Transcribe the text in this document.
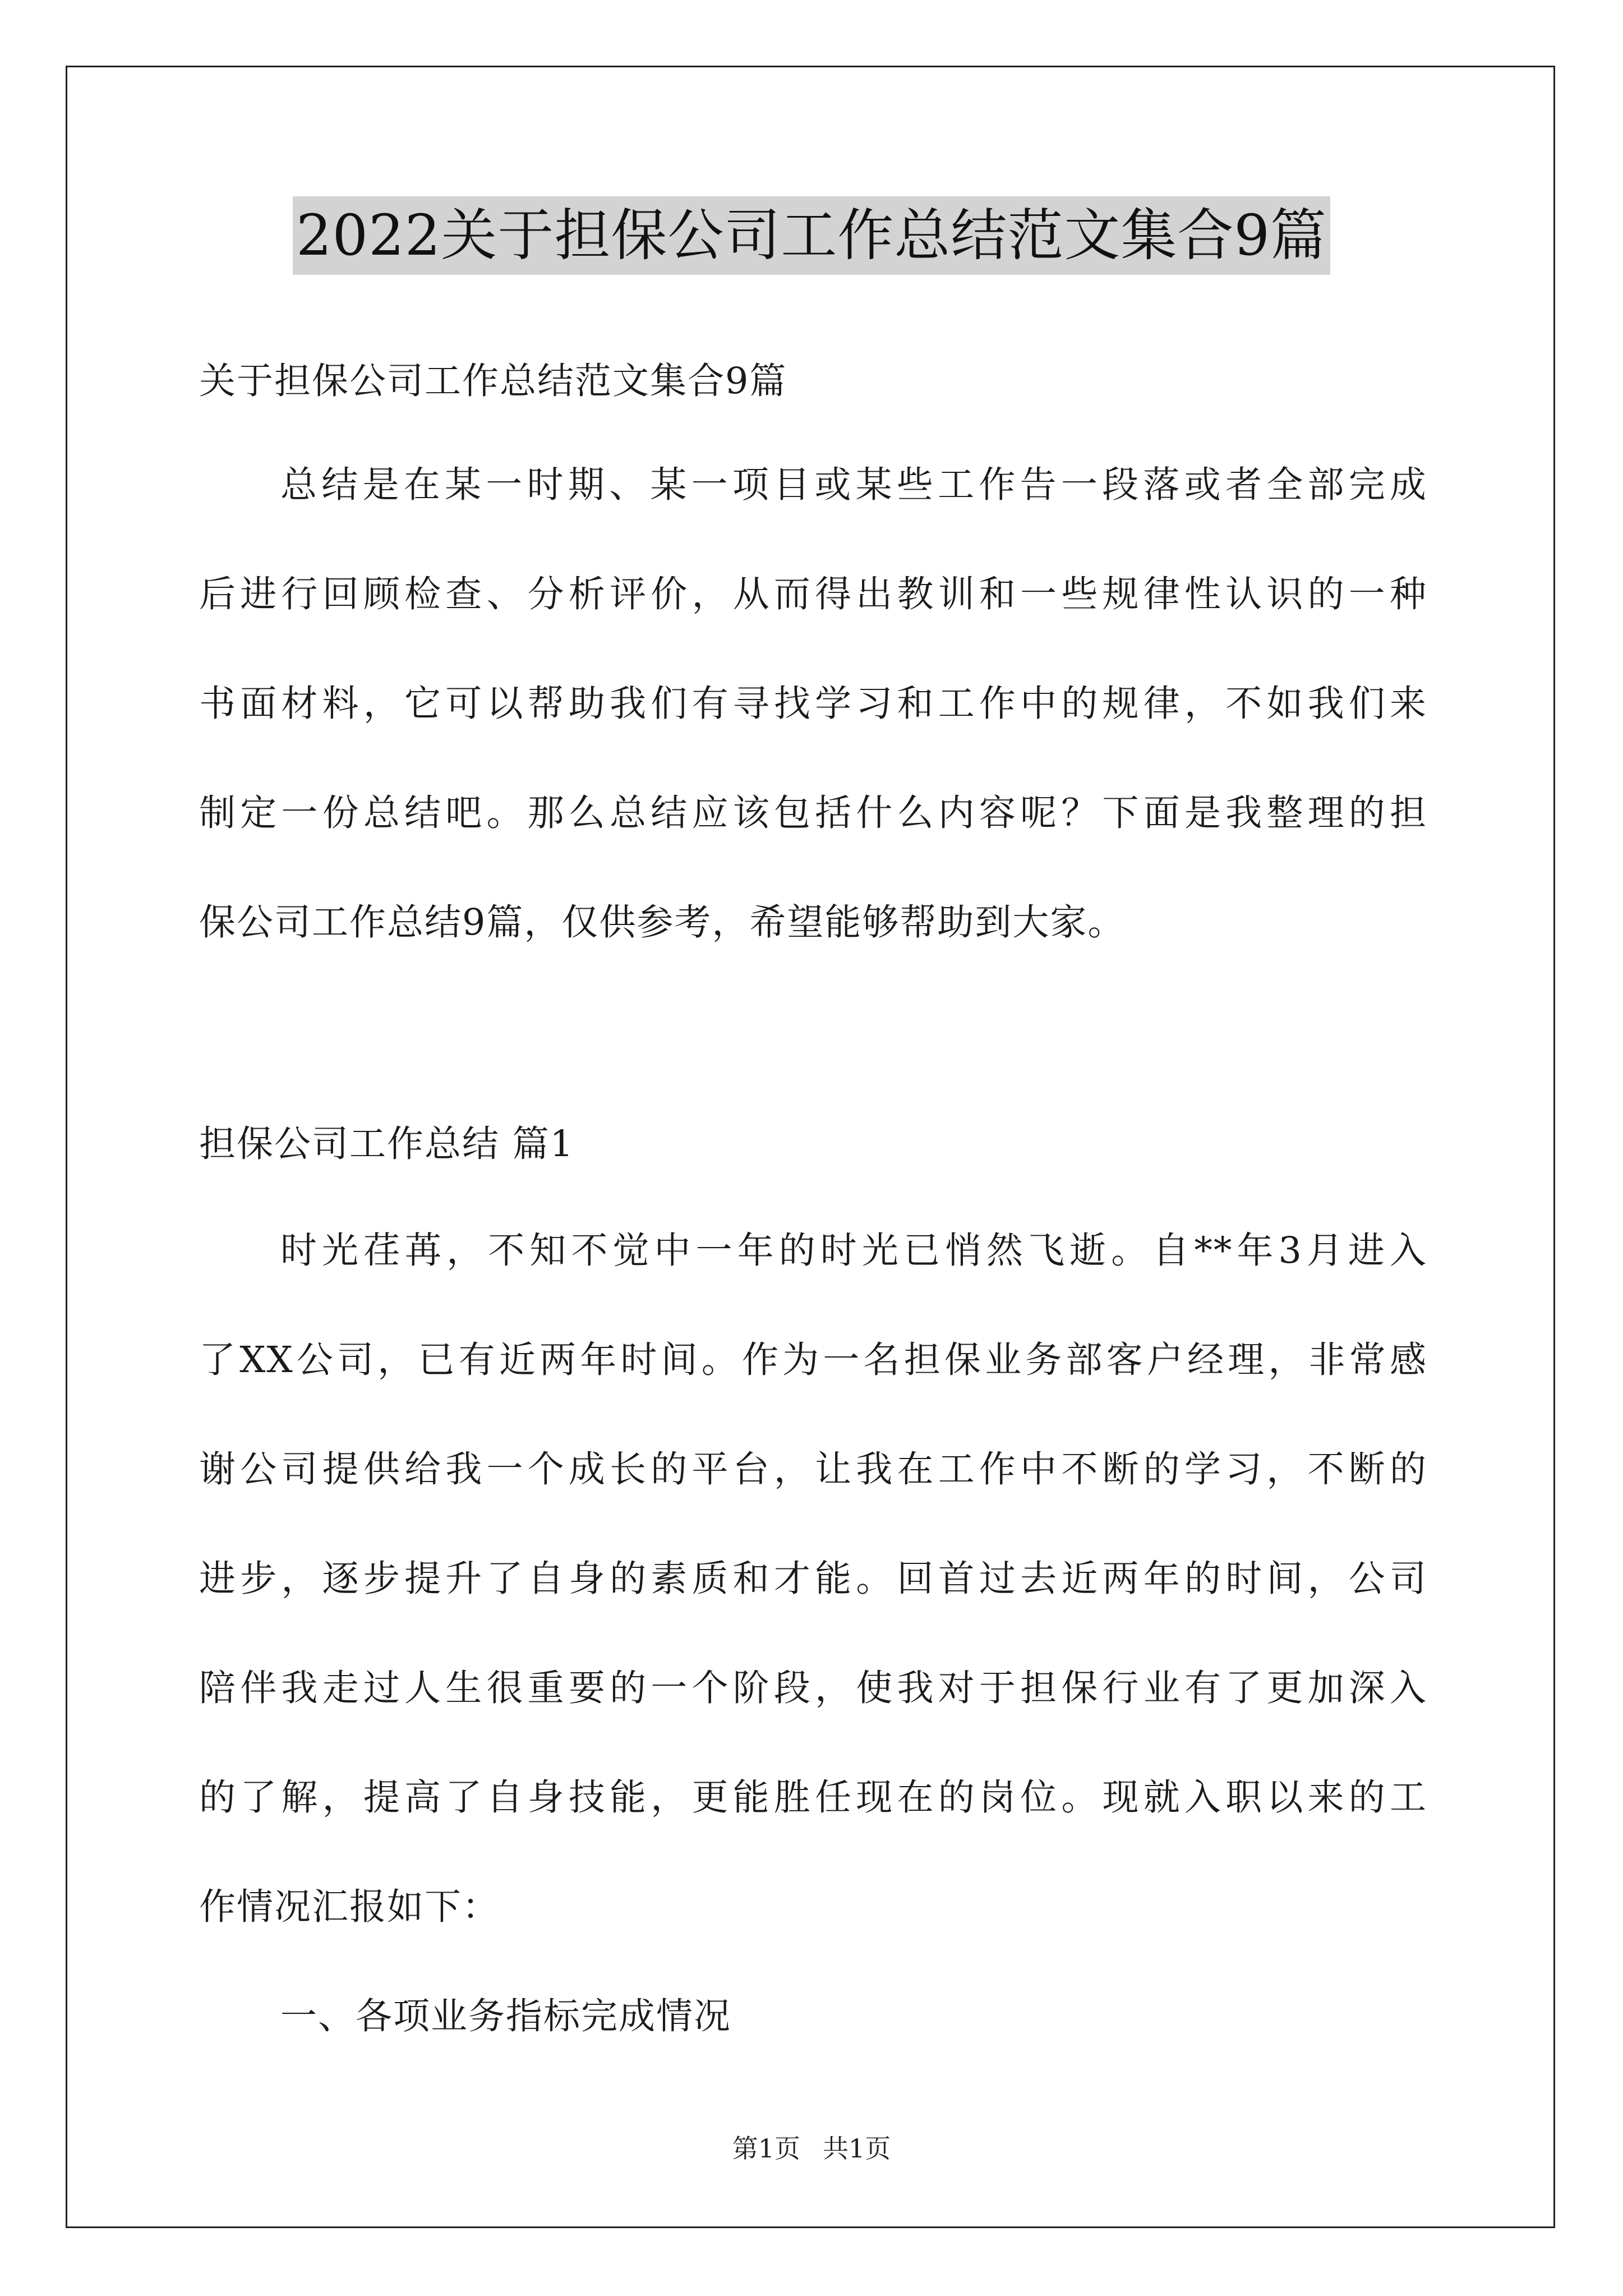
2022关于担保公司工作总结范文集合9篇
关于担保公司工作总结范文集合9篇
总结是在某一时期、某一项目或某些工作告一段落或者全部完成
后进行回顾检查、分析评价，从而得出教训和一些规律性认识的一种
书面材料，它可以帮助我们有寻找学习和工作中的规律，不如我们来
制定一份总结吧。那么总结应该包括什么内容呢？下面是我整理的担
保公司工作总结9篇，仅供参考，希望能够帮助到大家。
担保公司工作总结 篇1
时光荏苒，不知不觉中一年的时光已悄然飞逝。自**年3月进入
了XX公司，已有近两年时间。作为一名担保业务部客户经理，非常感
谢公司提供给我一个成长的平台，让我在工作中不断的学习，不断的
进步，逐步提升了自身的素质和才能。回首过去近两年的时间，公司
陪伴我走过人生很重要的一个阶段，使我对于担保行业有了更加深入
的了解，提高了自身技能，更能胜任现在的岗位。现就入职以来的工
作情况汇报如下：
一、各项业务指标完成情况
第1页 共1页
